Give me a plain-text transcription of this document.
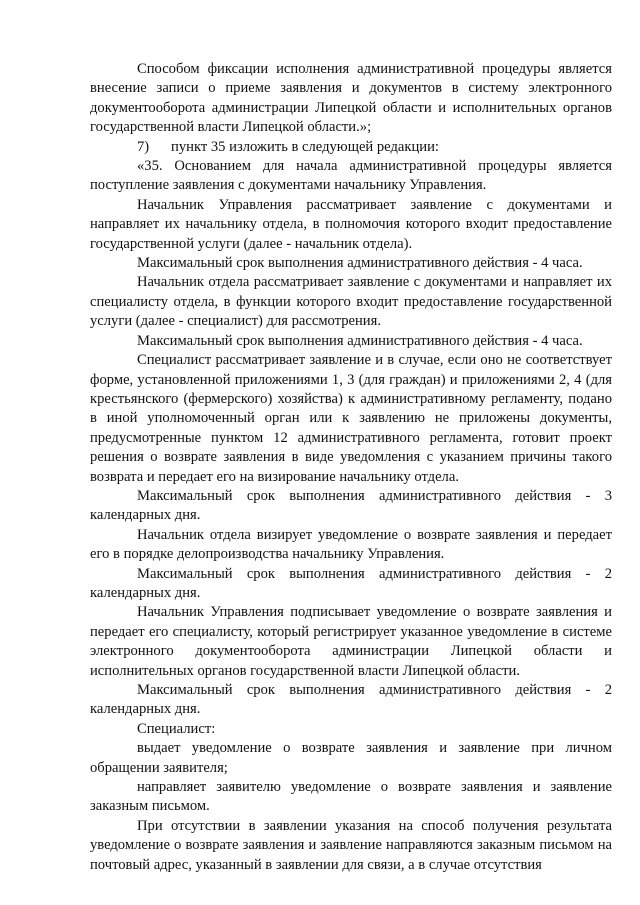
Способом фиксации исполнения административной процедуры является внесение записи о приеме заявления и документов в систему электронного документооборота администрации Липецкой области и исполнительных органов государственной власти Липецкой области.»;

7)      пункт 35 изложить в следующей редакции:

«35. Основанием для начала административной процедуры является поступление заявления с документами начальнику Управления.

Начальник Управления рассматривает заявление с документами и направляет их начальнику отдела, в полномочия которого входит предоставление государственной услуги (далее - начальник отдела).

Максимальный срок выполнения административного действия - 4 часа.

Начальник отдела рассматривает заявление с документами и направляет их специалисту отдела, в функции которого входит предоставление государственной услуги (далее - специалист) для рассмотрения.

Максимальный срок выполнения административного действия - 4 часа.

Специалист рассматривает заявление и в случае, если оно не соответствует форме, установленной приложениями 1, 3 (для граждан) и приложениями 2, 4 (для крестьянского (фермерского) хозяйства) к административному регламенту, подано в иной уполномоченный орган или к заявлению не приложены документы, предусмотренные пунктом 12 административного регламента, готовит проект решения о возврате заявления в виде уведомления с указанием причины такого возврата и передает его на визирование начальнику отдела.

Максимальный срок выполнения административного действия - 3 календарных дня.

Начальник отдела визирует уведомление о возврате заявления и передает его в порядке делопроизводства начальнику Управления.

Максимальный срок выполнения административного действия - 2 календарных дня.

Начальник Управления подписывает уведомление о возврате заявления и передает его специалисту, который регистрирует указанное уведомление в системе электронного документооборота администрации Липецкой области и исполнительных органов государственной власти Липецкой области.

Максимальный срок выполнения административного действия - 2 календарных дня.

Специалист:

выдает уведомление о возврате заявления и заявление при личном обращении заявителя;

направляет заявителю уведомление о возврате заявления и заявление заказным письмом.

При отсутствии в заявлении указания на способ получения результата уведомление о возврате заявления и заявление направляются заказным письмом на почтовый адрес, указанный в заявлении для связи, а в случае отсутствия
